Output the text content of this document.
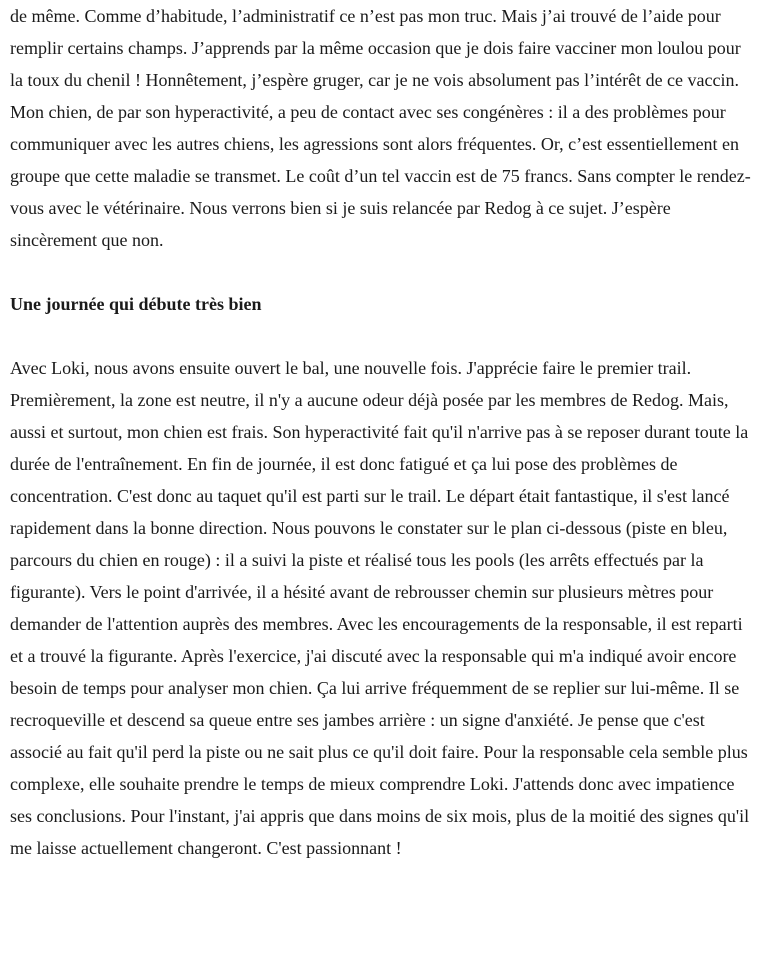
de même. Comme d’habitude, l’administratif ce n’est pas mon truc. Mais j’ai trouvé de l’aide pour remplir certains champs. J’apprends par la même occasion que je dois faire vacciner mon loulou pour la toux du chenil ! Honnêtement, j’espère gruger, car je ne vois absolument pas l’intérêt de ce vaccin. Mon chien, de par son hyperactivité, a peu de contact avec ses congénères : il a des problèmes pour communiquer avec les autres chiens, les agressions sont alors fréquentes. Or, c’est essentiellement en groupe que cette maladie se transmet. Le coût d’un tel vaccin est de 75 francs. Sans compter le rendez-vous avec le vétérinaire. Nous verrons bien si je suis relancée par Redog à ce sujet. J’espère sincèrement que non.

Une journée qui débute très bien

Avec Loki, nous avons ensuite ouvert le bal, une nouvelle fois. J'apprécie faire le premier trail. Premièrement, la zone est neutre, il n'y a aucune odeur déjà posée par les membres de Redog. Mais, aussi et surtout, mon chien est frais. Son hyperactivité fait qu'il n'arrive pas à se reposer durant toute la durée de l'entraînement. En fin de journée, il est donc fatigué et ça lui pose des problèmes de concentration. C'est donc au taquet qu'il est parti sur le trail. Le départ était fantastique, il s'est lancé rapidement dans la bonne direction. Nous pouvons le constater sur le plan ci-dessous (piste en bleu, parcours du chien en rouge) : il a suivi la piste et réalisé tous les pools (les arrêts effectués par la figurante). Vers le point d'arrivée, il a hésité avant de rebrousser chemin sur plusieurs mètres pour demander de l'attention auprès des membres. Avec les encouragements de la responsable, il est reparti et a trouvé la figurante. Après l'exercice, j'ai discuté avec la responsable qui m'a indiqué avoir encore besoin de temps pour analyser mon chien. Ça lui arrive fréquemment de se replier sur lui-même. Il se recroqueville et descend sa queue entre ses jambes arrière : un signe d'anxiété. Je pense que c'est associé au fait qu'il perd la piste ou ne sait plus ce qu'il doit faire. Pour la responsable cela semble plus complexe, elle souhaite prendre le temps de mieux comprendre Loki. J'attends donc avec impatience ses conclusions. Pour l'instant, j'ai appris que dans moins de six mois, plus de la moitié des signes qu'il me laisse actuellement changeront. C'est passionnant !
